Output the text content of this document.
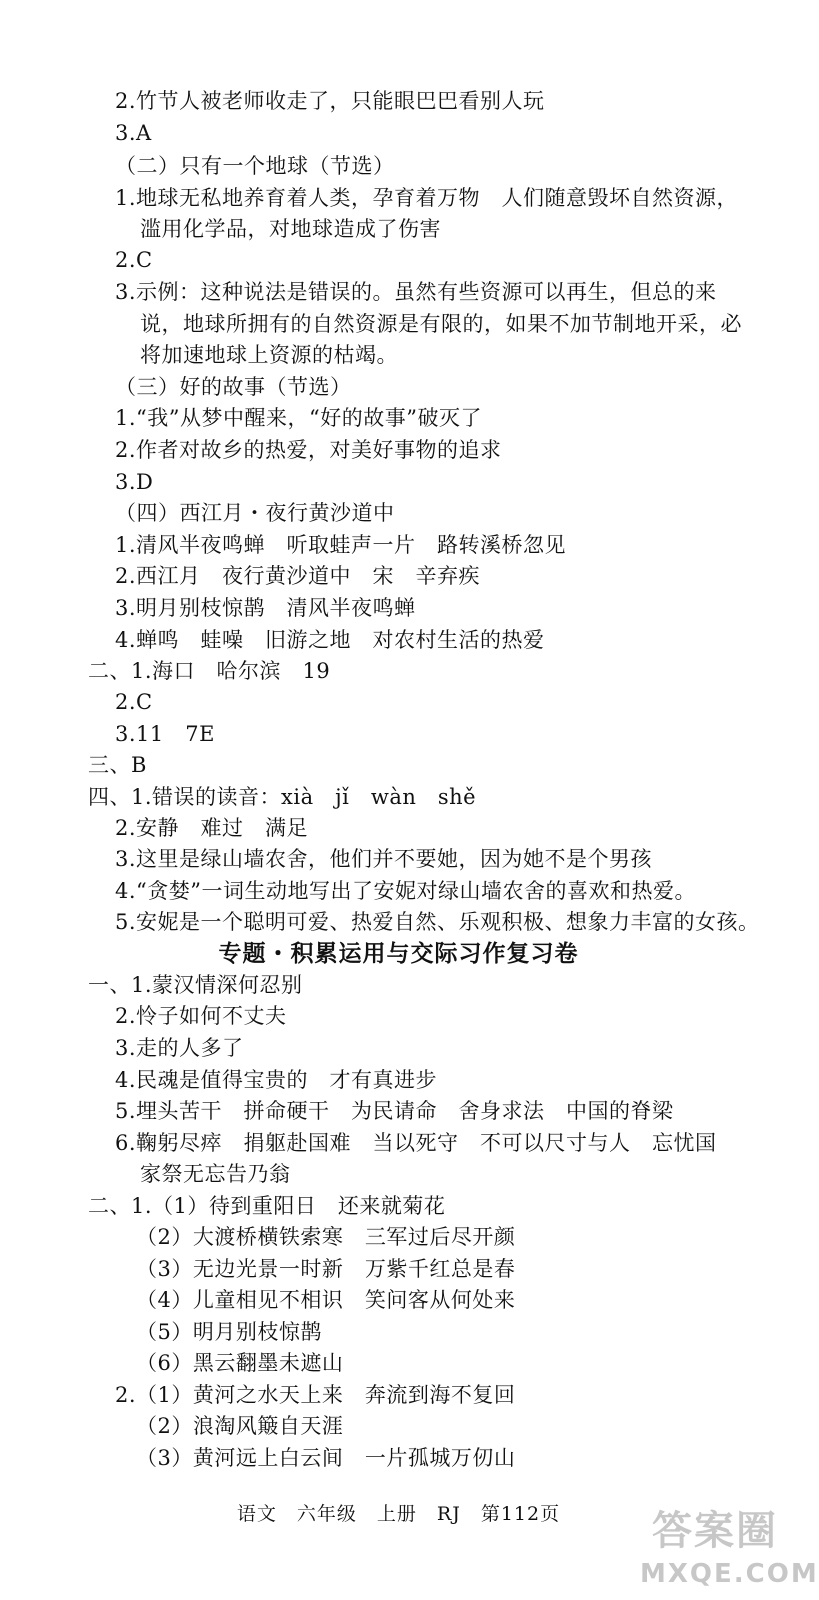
2.竹节人被老师收走了，只能眼巴巴看别人玩
3.A
（二）只有一个地球（节选）
1.地球无私地养育着人类，孕育着万物　人们随意毁坏自然资源，
滥用化学品，对地球造成了伤害
2.C
3.示例：这种说法是错误的。虽然有些资源可以再生，但总的来
说，地球所拥有的自然资源是有限的，如果不加节制地开采，必
将加速地球上资源的枯竭。
（三）好的故事（节选）
1.“我”从梦中醒来，“好的故事”破灭了
2.作者对故乡的热爱，对美好事物的追求
3.D
（四）西江月・夜行黄沙道中
1.清风半夜鸣蝉　听取蛙声一片　路转溪桥忽见
2.西江月　夜行黄沙道中　宋　辛弃疾
3.明月别枝惊鹊　清风半夜鸣蝉
4.蝉鸣　蛙噪　旧游之地　对农村生活的热爱
二、1.海口　哈尔滨　19
2.C
3.11　7E
三、B
四、1.错误的读音：xià　jǐ　wàn　shě
2.安静　难过　满足
3.这里是绿山墙农舍，他们并不要她，因为她不是个男孩
4.“贪婪”一词生动地写出了安妮对绿山墙农舍的喜欢和热爱。
5.安妮是一个聪明可爱、热爱自然、乐观积极、想象力丰富的女孩。
一、1.蒙汉情深何忍别
2.怜子如何不丈夫
3.走的人多了
4.民魂是值得宝贵的　才有真进步
5.埋头苦干　拼命硬干　为民请命　舍身求法　中国的脊梁
6.鞠躬尽瘁　捐躯赴国难　当以死守　不可以尺寸与人　忘忧国
家祭无忘告乃翁
二、1.（1）待到重阳日　还来就菊花
（2）大渡桥横铁索寒　三军过后尽开颜
（3）无边光景一时新　万紫千红总是春
（4）儿童相见不相识　笑问客从何处来
（5）明月别枝惊鹊
（6）黑云翻墨未遮山
2.（1）黄河之水天上来　奔流到海不复回
（2）浪淘风簸自天涯
（3）黄河远上白云间　一片孤城万仞山
专题・积累运用与交际习作复习卷
语文　六年级　上册　RJ　第112页	答案圈
MXQE.COM
